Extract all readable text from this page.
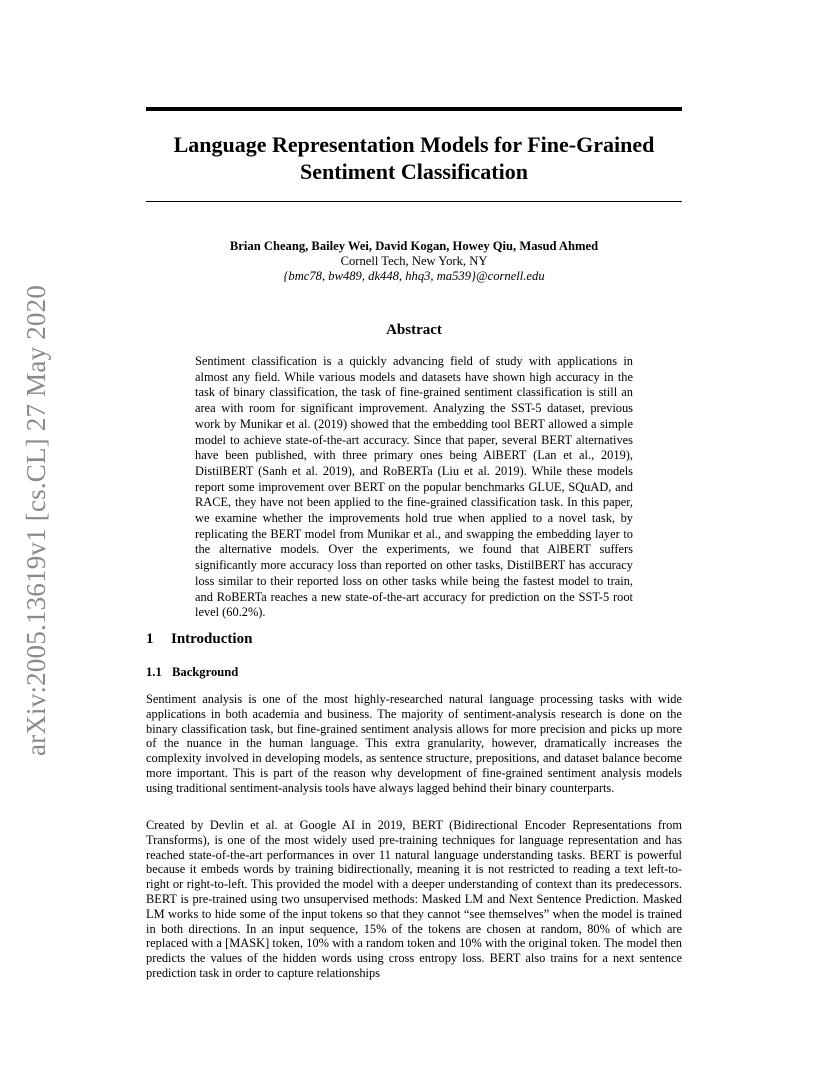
arXiv:2005.13619v1 [cs.CL] 27 May 2020
Language Representation Models for Fine-Grained Sentiment Classification
Brian Cheang, Bailey Wei, David Kogan, Howey Qiu, Masud Ahmed
Cornell Tech, New York, NY
{bmc78, bw489, dk448, hhq3, ma539}@cornell.edu
Abstract

Sentiment classification is a quickly advancing field of study with applications in almost any field. While various models and datasets have shown high accuracy in the task of binary classification, the task of fine-grained sentiment classification is still an area with room for significant improvement. Analyzing the SST-5 dataset, previous work by Munikar et al. (2019) showed that the embedding tool BERT allowed a simple model to achieve state-of-the-art accuracy. Since that paper, several BERT alternatives have been published, with three primary ones being AlBERT (Lan et al., 2019), DistilBERT (Sanh et al. 2019), and RoBERTa (Liu et al. 2019). While these models report some improvement over BERT on the popular benchmarks GLUE, SQuAD, and RACE, they have not been applied to the fine-grained classification task. In this paper, we examine whether the improvements hold true when applied to a novel task, by replicating the BERT model from Munikar et al., and swapping the embedding layer to the alternative models. Over the experiments, we found that AlBERT suffers significantly more accuracy loss than reported on other tasks, DistilBERT has accuracy loss similar to their reported loss on other tasks while being the fastest model to train, and RoBERTa reaches a new state-of-the-art accuracy for prediction on the SST-5 root level (60.2%).

1 Introduction
1.1 Background

Sentiment analysis is one of the most highly-researched natural language processing tasks with wide applications in both academia and business. The majority of sentiment-analysis research is done on the binary classification task, but fine-grained sentiment analysis allows for more precision and picks up more of the nuance in the human language. This extra granularity, however, dramatically increases the complexity involved in developing models, as sentence structure, prepositions, and dataset balance become more important. This is part of the reason why development of fine-grained sentiment analysis models using traditional sentiment-analysis tools have always lagged behind their binary counterparts.

Created by Devlin et al. at Google AI in 2019, BERT (Bidirectional Encoder Representations from Transforms), is one of the most widely used pre-training techniques for language representation and has reached state-of-the-art performances in over 11 natural language understanding tasks. BERT is powerful because it embeds words by training bidirectionally, meaning it is not restricted to reading a text left-to-right or right-to-left. This provided the model with a deeper understanding of context than its predecessors. BERT is pre-trained using two unsupervised methods: Masked LM and Next Sentence Prediction. Masked LM works to hide some of the input tokens so that they cannot “see themselves” when the model is trained in both directions. In an input sequence, 15% of the tokens are chosen at random, 80% of which are replaced with a [MASK] token, 10% with a random token and 10% with the original token. The model then predicts the values of the hidden words using cross entropy loss. BERT also trains for a next sentence prediction task in order to capture relationships
